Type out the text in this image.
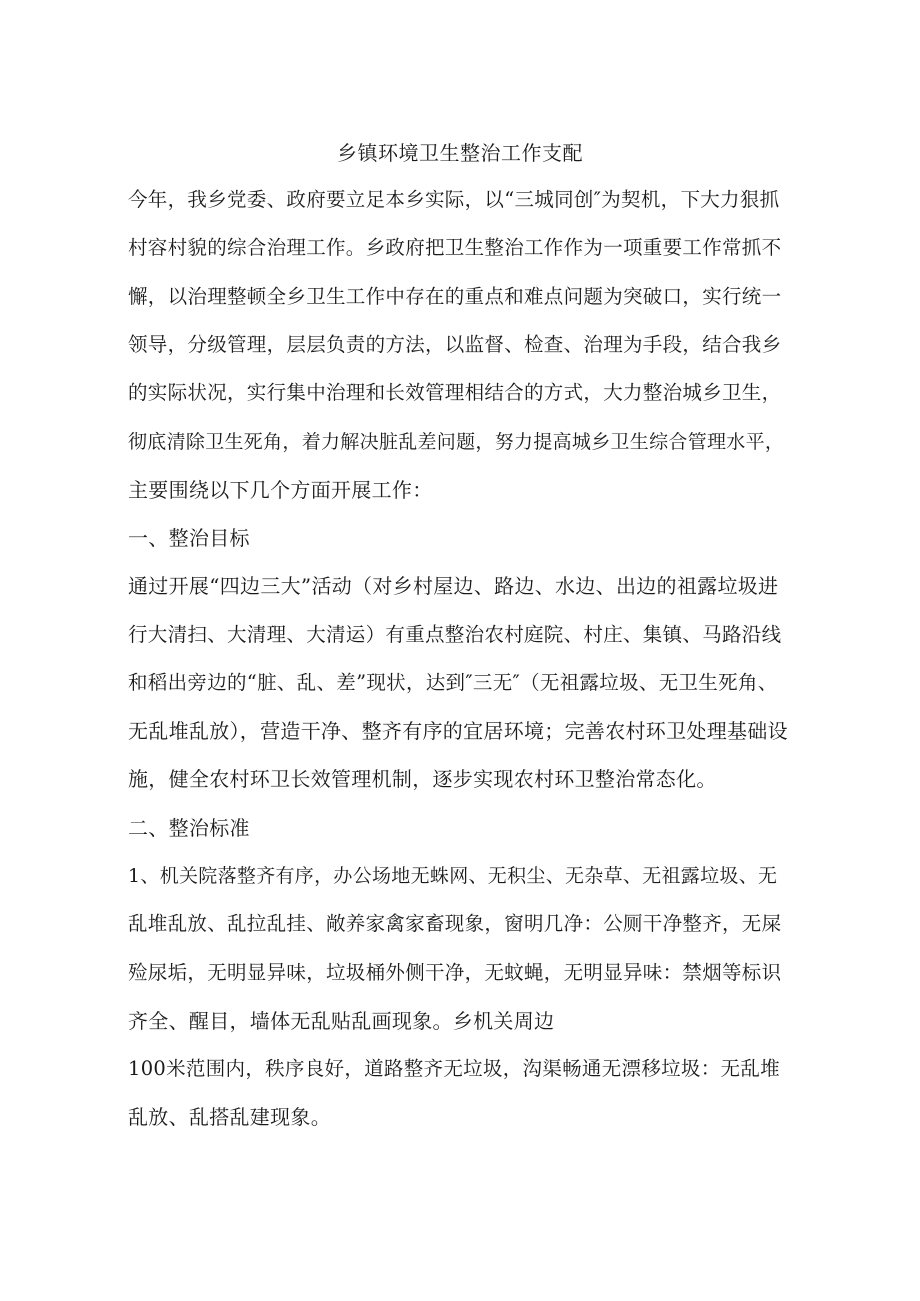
乡镇环境卫生整治工作支配
今年，我乡党委、政府要立足本乡实际，以“三城同创″为契机，下大力狠抓
村容村貌的综合治理工作。乡政府把卫生整治工作作为一项重要工作常抓不
懈，以治理整顿全乡卫生工作中存在的重点和难点问题为突破口，实行统一
领导，分级管理，层层负责的方法，以监督、检查、治理为手段，结合我乡
的实际状况，实行集中治理和长效管理相结合的方式，大力整治城乡卫生，
彻底清除卫生死角，着力解决脏乱差问题，努力提高城乡卫生综合管理水平，
主要围绕以下几个方面开展工作：
一、整治目标
通过开展“四边三大”活动（对乡村屋边、路边、水边、出边的祖露垃圾进
行大清扫、大清理、大清运）有重点整治农村庭院、村庄、集镇、马路沿线
和稻出旁边的“脏、乱、差”现状，达到″三无″（无祖露垃圾、无卫生死角、
无乱堆乱放），营造干净、整齐有序的宜居环境；完善农村环卫处理基础设
施，健全农村环卫长效管理机制，逐步实现农村环卫整治常态化。
二、整治标准
1、机关院落整齐有序，办公场地无蛛网、无积尘、无杂草、无祖露垃圾、无
乱堆乱放、乱拉乱挂、敞养家禽家畜现象，窗明几净：公厕干净整齐，无屎
殓尿垢，无明显异味，垃圾桶外侧干净，无蚊蝇，无明显异味：禁烟等标识
齐全、醒目，墙体无乱贴乱画现象。乡机关周边
100米范围内，秩序良好，道路整齐无垃圾，沟渠畅通无漂移垃圾：无乱堆
乱放、乱搭乱建现象。
